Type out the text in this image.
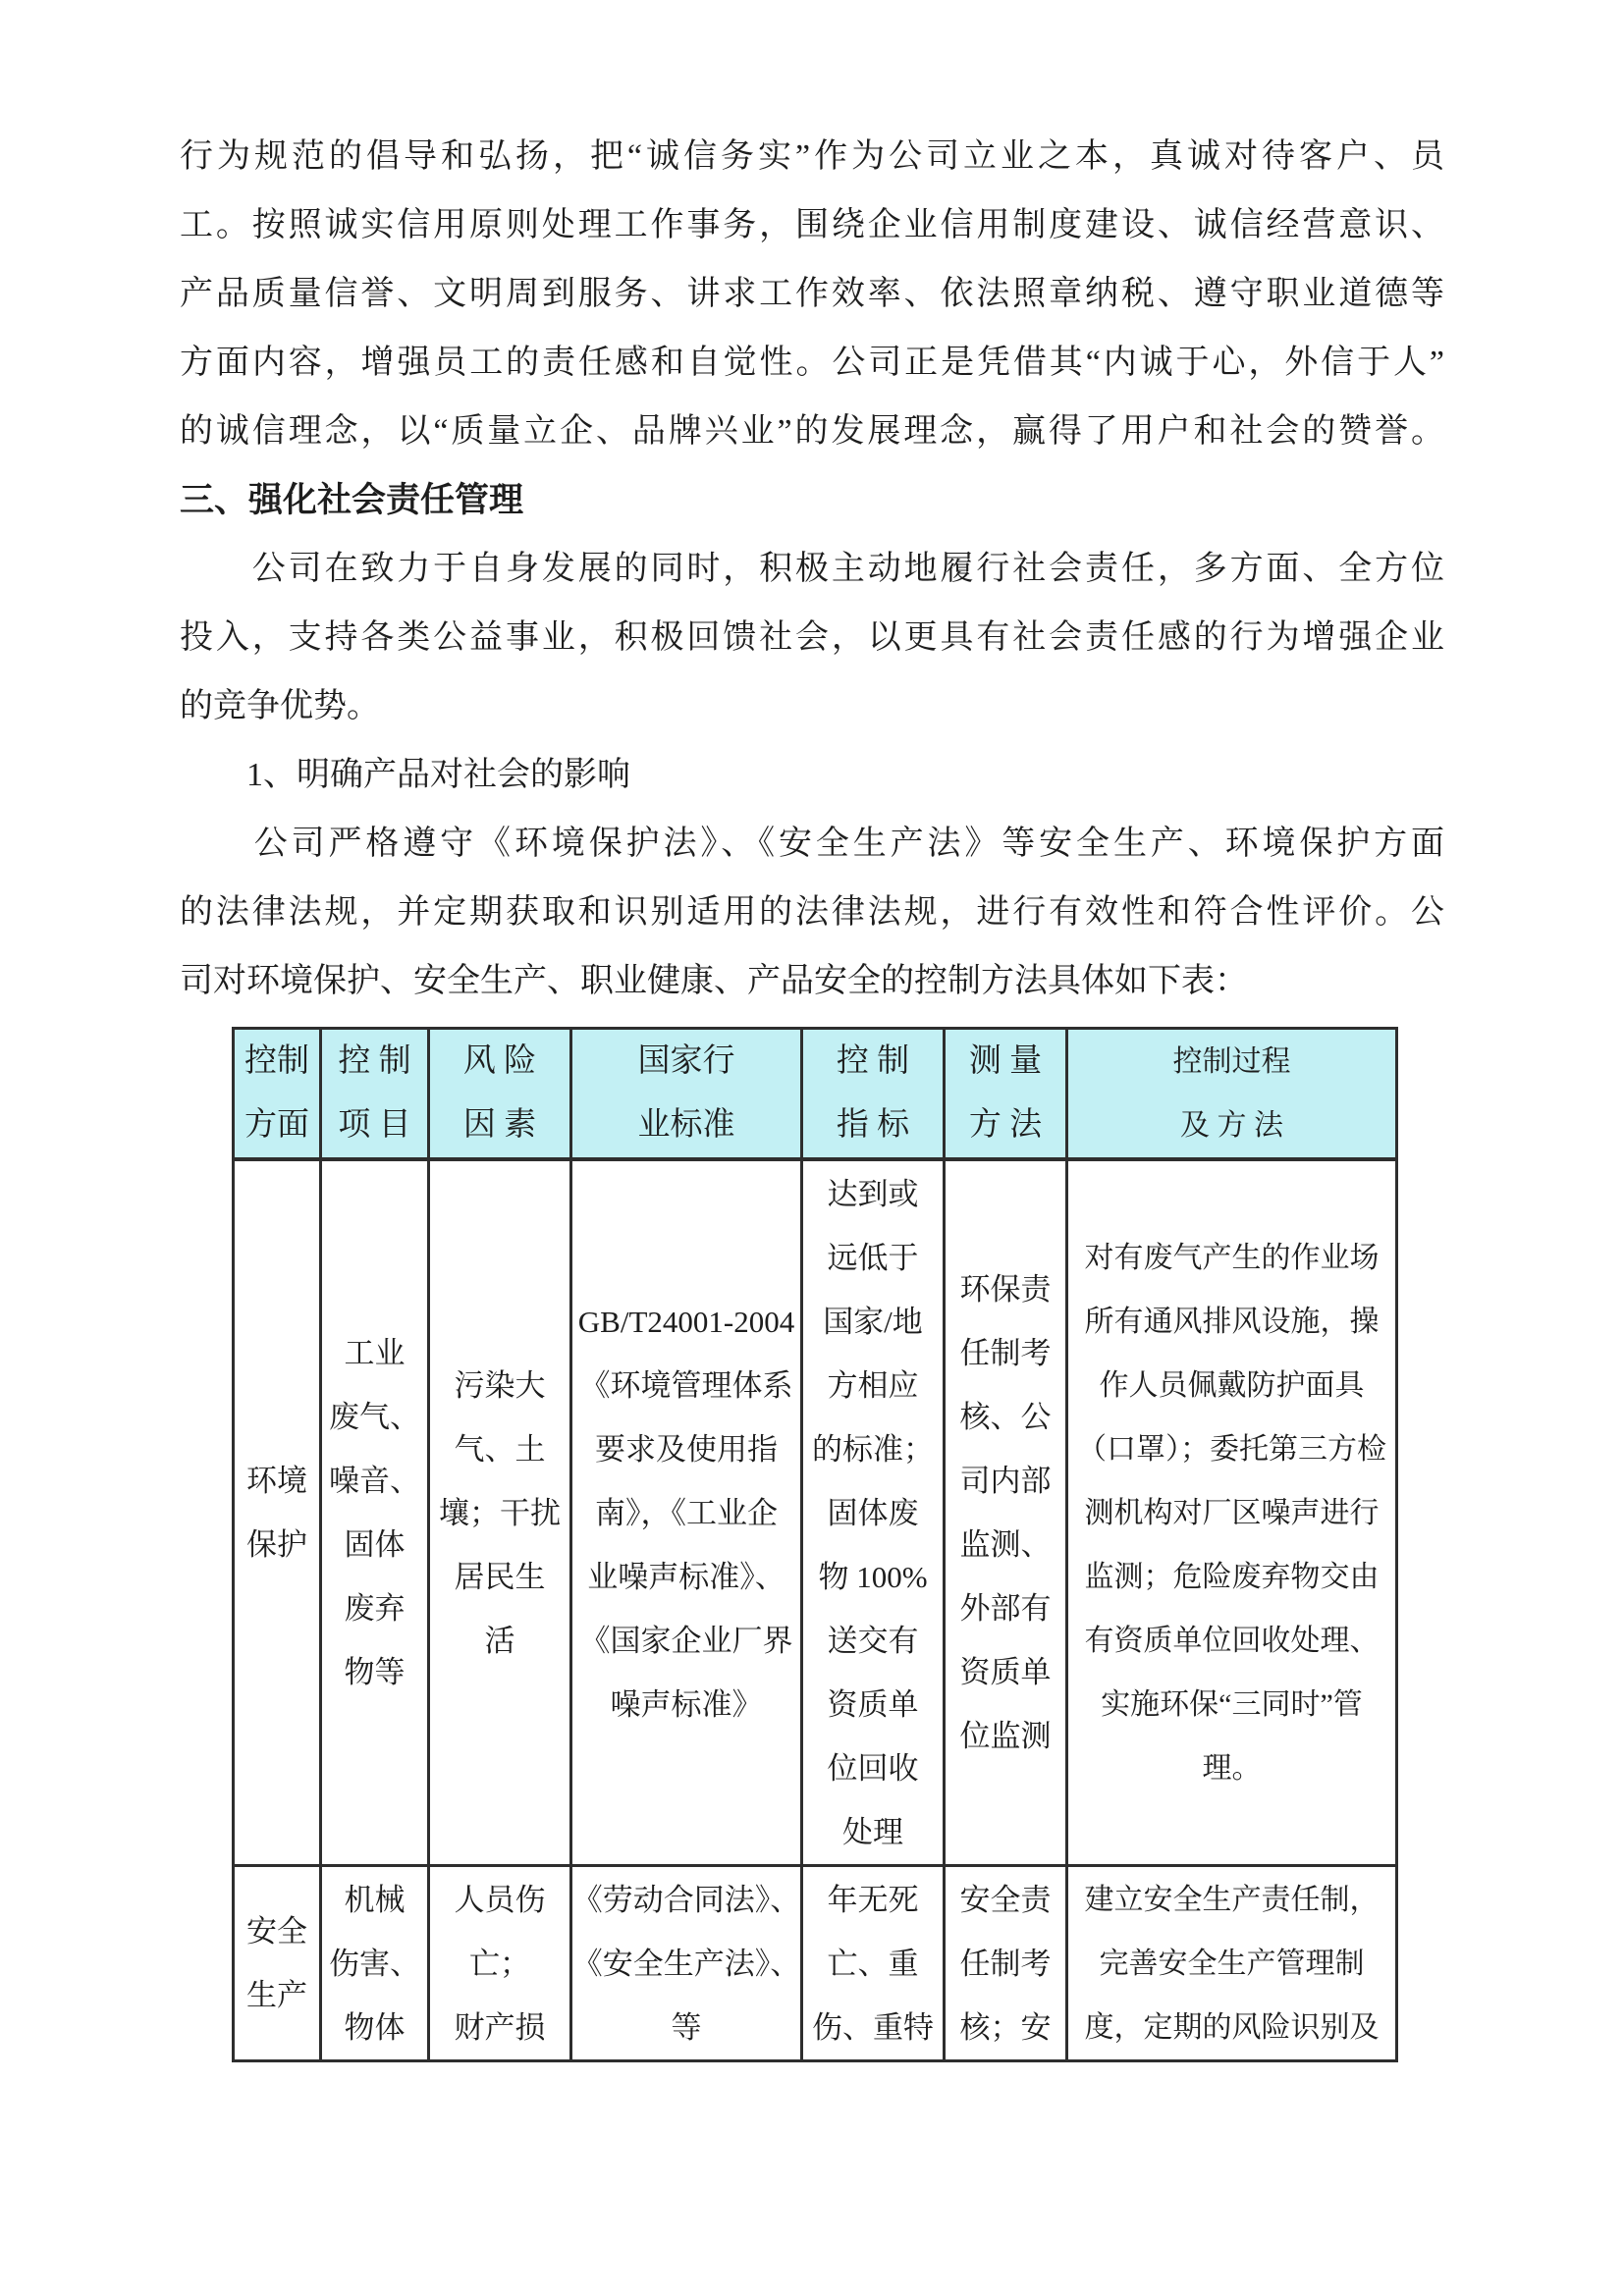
行为规范的倡导和弘扬，把“诚信务实”作为公司立业之本，真诚对待客户、员
工。按照诚实信用原则处理工作事务，围绕企业信用制度建设、诚信经营意识、
产品质量信誉、文明周到服务、讲求工作效率、依法照章纳税、遵守职业道德等
方面内容，增强员工的责任感和自觉性。公司正是凭借其“内诚于心，外信于人”
的诚信理念，以“质量立企、品牌兴业”的发展理念，赢得了用户和社会的赞誉。
三、强化社会责任管理
　　公司在致力于自身发展的同时，积极主动地履行社会责任，多方面、全方位
投入，支持各类公益事业，积极回馈社会，以更具有社会责任感的行为增强企业
的竞争优势。
　　1、明确产品对社会的影响
　　公司严格遵守《环境保护法》、《安全生产法》等安全生产、环境保护方面
的法律法规，并定期获取和识别适用的法律法规，进行有效性和符合性评价。公
司对环境保护、安全生产、职业健康、产品安全的控制方法具体如下表：
控制
方面
控 制
项 目
风 险
因 素
国家行
业标准
控 制
指 标
测 量
方 法
控制过程
及 方 法
环境
保护
工业
废气、
噪音、
固体
废弃
物等
污染大
气、土
壤；干扰
居民生
活
GB/T24001-2004
《环境管理体系
要求及使用指
南》，《工业企
业噪声标准》、
《国家企业厂界
噪声标准》
达到或
远低于
国家/地
方相应
的标准；
固体废
物 100%
送交有
资质单
位回收
处理
环保责
任制考
核、公
司内部
监测、
外部有
资质单
位监测
对有废气产生的作业场
所有通风排风设施，操
作人员佩戴防护面具
（口罩）；委托第三方检
测机构对厂区噪声进行
监测；危险废弃物交由
有资质单位回收处理、
实施环保“三同时”管
理。
安全
生产
机械
伤害、
物体
人员伤
亡；
财产损
《劳动合同法》、
《安全生产法》、
等
年无死
亡、重
伤、重特
安全责
任制考
核；安
建立安全生产责任制，
完善安全生产管理制
度，定期的风险识别及
